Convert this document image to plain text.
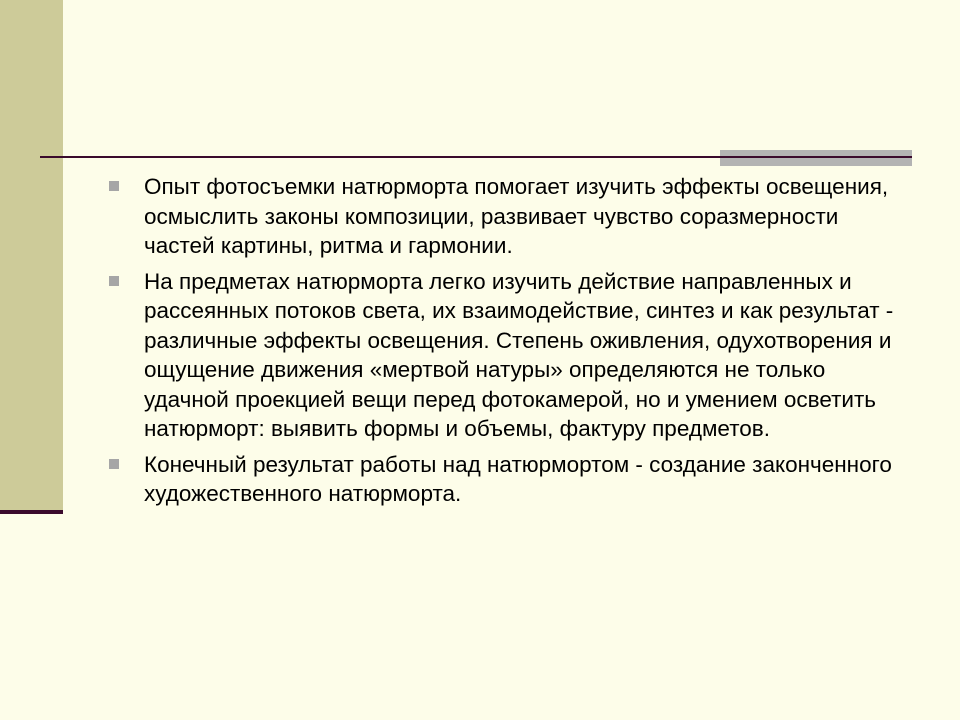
Опыт фотосъемки натюрморта помогает изучить эффекты освещения, осмыслить законы композиции, развивает чувство соразмерности частей картины, ритма и гармонии.
На предметах натюрморта легко изучить действие направленных и рассеянных потоков света, их взаимодействие, синтез и как результат - различные эффекты освещения. Степень оживления, одухотворения и ощущение движения «мертвой натуры» определяются не только удачной проекцией вещи перед фотокамерой, но и умением осветить натюрморт: выявить формы и объемы, фактуру предметов.
Конечный результат работы над натюрмортом - создание законченного художественного натюрморта.
